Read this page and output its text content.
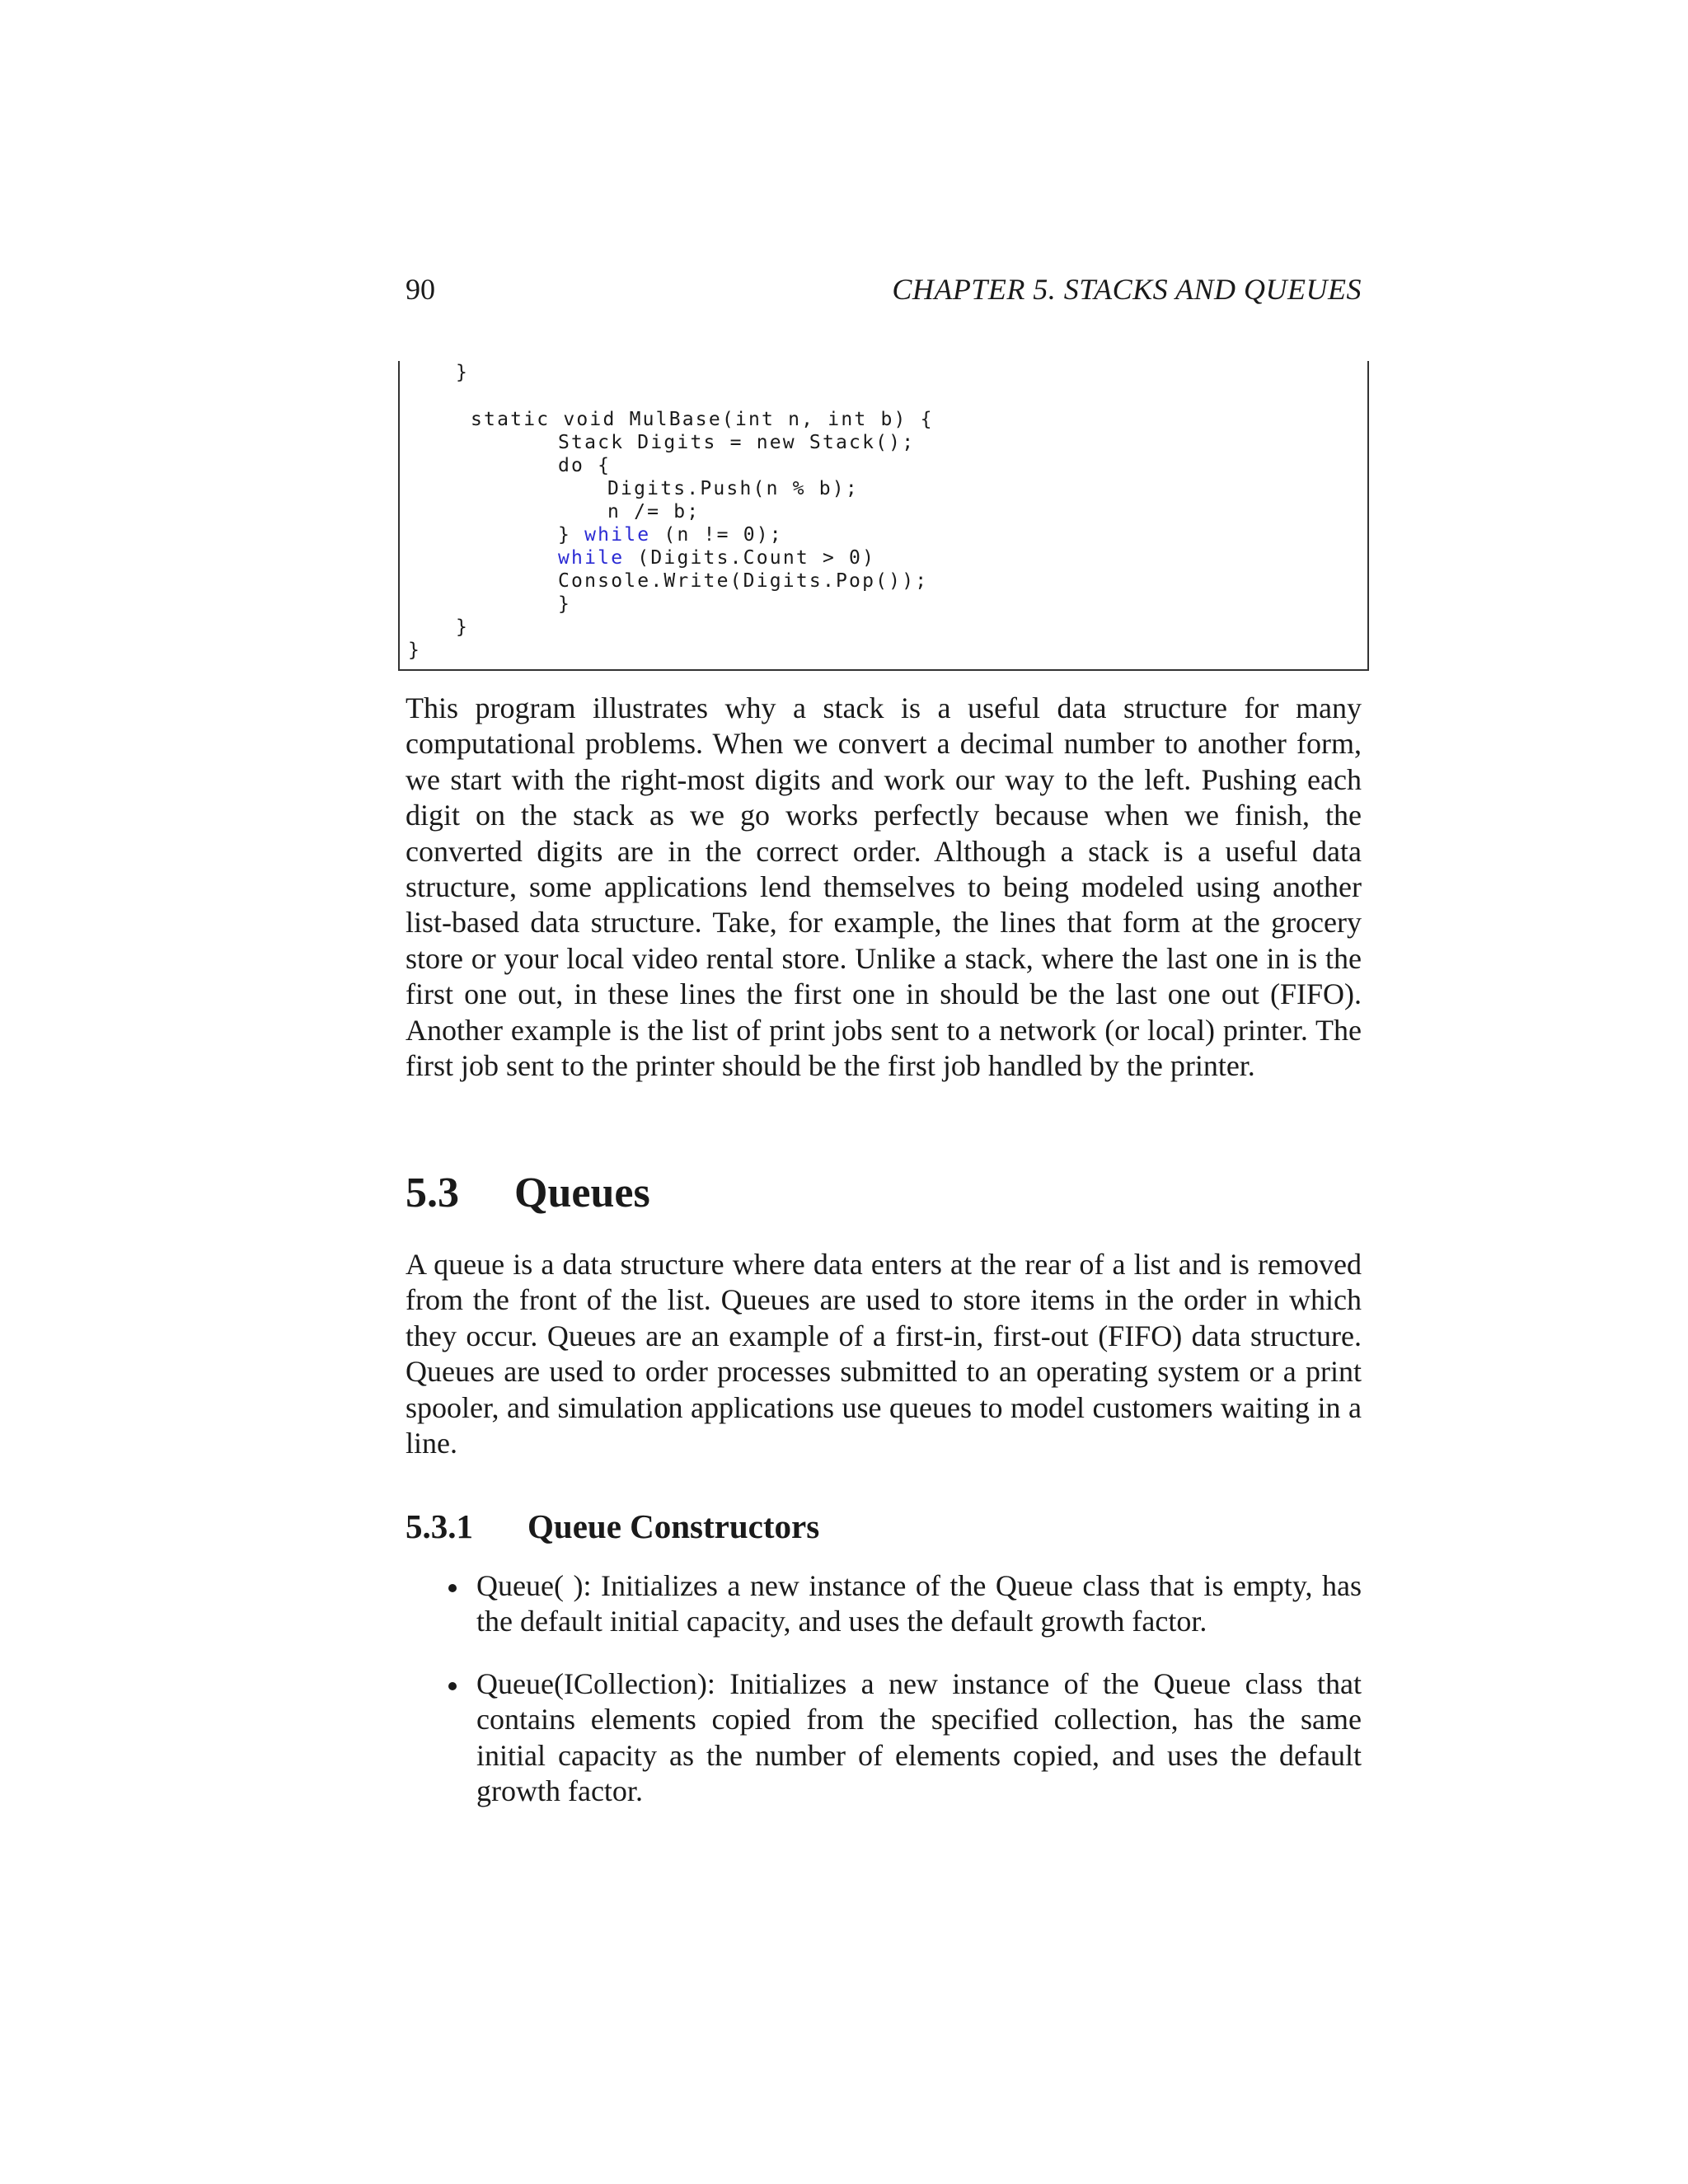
90	CHAPTER 5. STACKS AND QUEUES
}
static void MulBase(int n, int b) {
Stack Digits = new Stack();
do {
Digits.Push(n % b);
n /= b;
} while (n != 0);
while (Digits.Count > 0)
Console.Write(Digits.Pop());
}
}
}

This program illustrates why a stack is a useful data structure for many computational problems. When we convert a decimal number to another form, we start with the right-most digits and work our way to the left. Pushing each digit on the stack as we go works perfectly because when we finish, the converted digits are in the correct order. Although a stack is a useful data structure, some applications lend themselves to being modeled using another list-based data structure. Take, for example, the lines that form at the grocery store or your local video rental store. Unlike a stack, where the last one in is the first one out, in these lines the first one in should be the last one out (FIFO). Another example is the list of print jobs sent to a network (or local) printer. The first job sent to the printer should be the first job handled by the printer.

5.3 Queues

A queue is a data structure where data enters at the rear of a list and is removed from the front of the list. Queues are used to store items in the order in which they occur. Queues are an example of a first-in, first-out (FIFO) data structure. Queues are used to order processes submitted to an operating system or a print spooler, and simulation applications use queues to model customers waiting in a line.

5.3.1 Queue Constructors
Queue( ): Initializes a new instance of the Queue class that is empty, has the default initial capacity, and uses the default growth factor.
Queue(ICollection): Initializes a new instance of the Queue class that contains elements copied from the specified collection, has the same initial capacity as the number of elements copied, and uses the default growth factor.
